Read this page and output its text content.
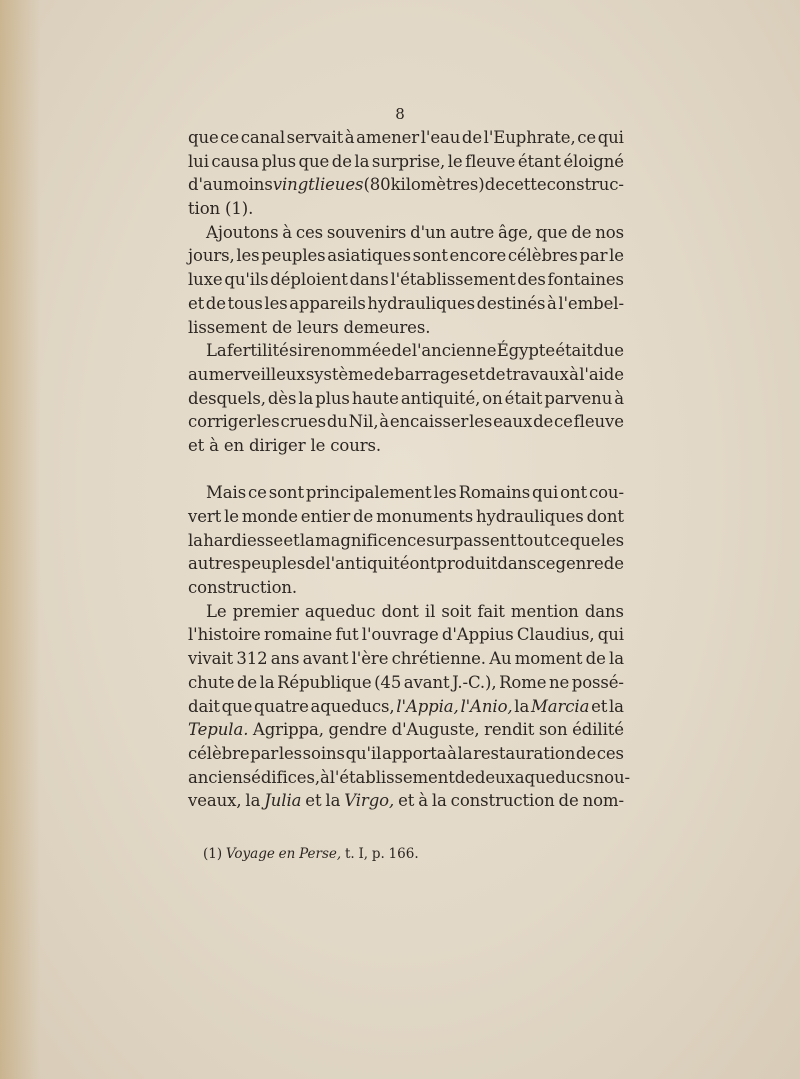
8
que ce canal servait à amener l'eau de l'Euphrate, ce qui
lui causa plus que de la surprise, le fleuve étant éloigné
d'au moins vingt lieues (80 kilomètres) de cette construc-
tion (1).
Ajoutons à ces souvenirs d'un autre âge, que de nos
jours, les peuples asiatiques sont encore célèbres par le
luxe qu'ils déploient dans l'établissement des fontaines
et de tous les appareils hydrauliques destinés à l'embel-
lissement de leurs demeures.
La fertilité si renommée de l'ancienne Égypte était due
au merveilleux système de barrages et de travaux à l'aide
desquels, dès la plus haute antiquité, on était parvenu à
corriger les crues du Nil, à encaisser les eaux de ce fleuve
et à en diriger le cours.
Mais ce sont principalement les Romains qui ont cou-
vert le monde entier de monuments hydrauliques dont
la hardiesse et la magnificence surpassent tout ce que les
autres peuples de l'antiquité ont produit dans ce genre de
construction.
Le premier aqueduc dont il soit fait mention dans
l'histoire romaine fut l'ouvrage d'Appius Claudius, qui
vivait 312 ans avant l'ère chrétienne. Au moment de la
chute de la République (45 avant J.-C.), Rome ne possé-
dait que quatre aqueducs, l'Appia, l'Anio, la Marcia et la
Tepula. Agrippa, gendre d'Auguste, rendit son édilité
célèbre par les soins qu'il apporta à la restauration de ces
anciens édifices, à l'établissement de deux aqueducs nou-
veaux, la Julia et la Virgo, et à la construction de nom-
(1) Voyage en Perse, t. I, p. 166.
